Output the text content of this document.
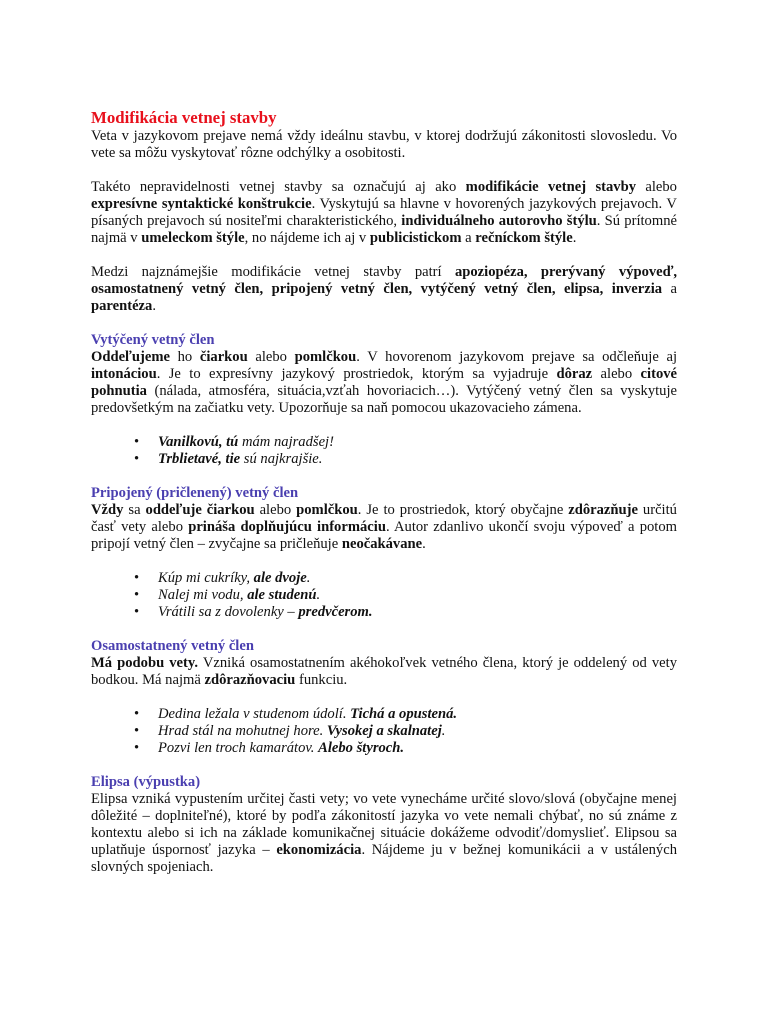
Modifikácia vetnej stavby

Veta v jazykovom prejave nemá vždy ideálnu stavbu, v ktorej dodržujú zákonitosti slovosledu. Vo vete sa môžu vyskytovať rôzne odchýlky a osobitosti.

Takéto nepravidelnosti vetnej stavby sa označujú aj ako modifikácie vetnej stavby alebo expresívne syntaktické konštrukcie. Vyskytujú sa hlavne v hovorených jazykových prejavoch. V písaných prejavoch sú nositeľmi charakteristického, individuálneho autorovho štýlu. Sú prítomné najmä v umeleckom štýle, no nájdeme ich aj v publicistickom a rečníckom štýle.

Medzi najznámejšie modifikácie vetnej stavby patrí apoziopéza, prerývaný výpoveď, osamostatnený vetný člen, pripojený vetný člen, vytýčený vetný člen, elipsa, inverzia a parentéza.

Vytýčený vetný člen

Oddeľujeme ho čiarkou alebo pomlčkou. V hovorenom jazykovom prejave sa odčleňuje aj intonáciou. Je to expresívny jazykový prostriedok, ktorým sa vyjadruje dôraz alebo citové pohnutia (nálada, atmosféra, situácia,vzťah hovoriacich…). Vytýčený vetný člen sa vyskytuje predovšetkým na začiatku vety. Upozorňuje sa naň pomocou ukazovacieho zámena.

• Vanilkovú, tú mám najradšej!
• Trblietavé, tie sú najkrajšie.
Pripojený (pričlenený) vetný člen

Vždy sa oddeľuje čiarkou alebo pomlčkou. Je to prostriedok, ktorý obyčajne zdôrazňuje určitú časť vety alebo prináša doplňujúcu informáciu. Autor zdanlivo ukončí svoju výpoveď a potom pripojí vetný člen – zvyčajne sa pričleňuje neočakávane.

• Kúp mi cukríky, ale dvoje.
• Nalej mi vodu, ale studenú.
• Vrátili sa z dovolenky – predvčerom.
Osamostatnený vetný člen

Má podobu vety. Vzniká osamostatnením akéhokoľvek vetného člena, ktorý je oddelený od vety bodkou. Má najmä zdôrazňovaciu funkciu.

• Dedina ležala v studenom údolí. Tichá a opustená.
• Hrad stál na mohutnej hore. Vysokej a skalnatej.
• Pozvi len troch kamarátov. Alebo štyroch.
Elipsa (výpustka)

Elipsa vzniká vypustením určitej časti vety; vo vete vynecháme určité slovo/slová (obyčajne menej dôležité – doplniteľné), ktoré by podľa zákonitostí jazyka vo vete nemali chýbať, no sú známe z kontextu alebo si ich na základe komunikačnej situácie dokážeme odvodiť/domyslieť. Elipsou sa uplatňuje úspornosť jazyka – ekonomizácia. Nájdeme ju v bežnej komunikácii a v ustálených slovných spojeniach.
